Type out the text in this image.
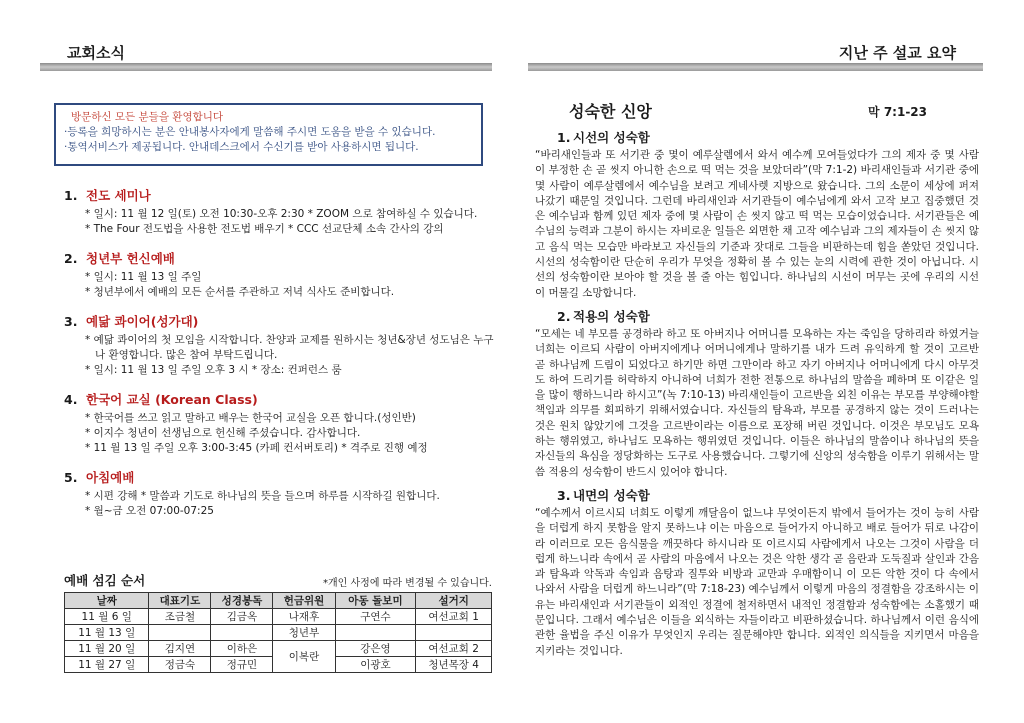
교회소식	지난 주 설교 요약
방문하신 모든 분들을 환영합니다
·등록을 희망하시는 분은 안내봉사자에게 말씀해 주시면 도움을 받을 수 있습니다.
·통역서비스가 제공됩니다. 안내데스크에서 수신기를 받아 사용하시면 됩니다.
1. 전도 세미나
* 일시: 11 월 12 일(토) 오전 10:30-오후 2:30 * ZOOM 으로 참여하실 수 있습니다.
* The Four 전도법을 사용한 전도법 배우기 * CCC 선교단체 소속 간사의 강의
2. 청년부 헌신예배
* 일시: 11 월 13 일 주일
* 청년부에서 예배의 모든 순서를 주관하고 저녁 식사도 준비합니다.
3. 예닮 콰이어(성가대)
* 예닮 콰이어의 첫 모임을 시작합니다. 찬양과 교제를 원하시는 청년&장년 성도님은 누구나 환영합니다. 많은 참여 부탁드립니다.
* 일시: 11 월 13 일 주일 오후 3 시 * 장소: 컨퍼런스 룸
4. 한국어 교실 (Korean Class)
* 한국어를 쓰고 읽고 말하고 배우는 한국어 교실을 오픈 합니다.(성인반)
* 이지수 청년이 선생님으로 헌신해 주셨습니다. 감사합니다.
* 11 월 13 일 주일 오후 3:00-3:45 (카페 컨서버토리) * 격주로 진행 예정
5. 아침예배
* 시편 강해 * 말씀과 기도로 하나님의 뜻을 들으며 하루를 시작하길 원합니다.
* 월~금 오전 07:00-07:25
예배 섬김 순서	*개인 사정에 따라 변경될 수 있습니다.
날짜	대표기도	성경봉독	헌금위원	아동 돌보미	설거지
11 월 6 일	조금철	김금옥	나재후	구연수	여선교회 1
11 월 13 일			청년부		
11 월 20 일	김지연	이하은	이복란	강은영	여선교회 2
11 월 27 일	정금숙	정규민		이광호	청년목장 4
성숙한 신앙	막 7:1-23
1. 시선의 성숙함
“바리새인들과 또 서기관 중 몇이 예루살렘에서 와서 예수께 모여들었다가 그의 제자 중 몇 사람이 부정한 손 곧 씻지 아니한 손으로 떡 먹는 것을 보았더라”(막 7:1-2) 바리새인들과 서기관 중에 몇 사람이 예루살렘에서 예수님을 보려고 게네사렛 지방으로 왔습니다. 그의 소문이 세상에 퍼져 나갔기 때문일 것입니다. 그런데 바리새인과 서기관들이 예수님에게 와서 고작 보고 집중했던 것은 예수님과 함께 있던 제자 중에 몇 사람이 손 씻지 않고 떡 먹는 모습이었습니다. 서기관들은 예수님의 능력과 그분이 하시는 자비로운 일들은 외면한 채 고작 예수님과 그의 제자들이 손 씻지 않고 음식 먹는 모습만 바라보고 자신들의 기준과 잣대로 그들을 비판하는데 힘을 쏟았던 것입니다. 시선의 성숙함이란 단순히 우리가 무엇을 정확히 볼 수 있는 눈의 시력에 관한 것이 아닙니다. 시선의 성숙함이란 보아야 할 것을 볼 줄 아는 힘입니다. 하나님의 시선이 머무는 곳에 우리의 시선이 머물길 소망합니다.
2. 적용의 성숙함
“모세는 네 부모를 공경하라 하고 또 아버지나 어머니를 모욕하는 자는 죽임을 당하리라 하였거늘 너희는 이르되 사람이 아버지에게나 어머니에게나 말하기를 내가 드려 유익하게 할 것이 고르반 곧 하나님께 드림이 되었다고 하기만 하면 그만이라 하고 자기 아버지나 어머니에게 다시 아무것도 하여 드리기를 허락하지 아니하여 너희가 전한 전통으로 하나님의 말씀을 폐하며 또 이같은 일을 많이 행하느니라 하시고”(녹 7:10-13) 바리새인들이 고르반을 외친 이유는 부모를 부양해야할 책임과 의무를 회피하기 위해서였습니다. 자신들의 탐욕과, 부모를 공경하지 않는 것이 드러나는 것은 원치 않았기에 그것을 고르반이라는 이름으로 포장해 버린 것입니다. 이것은 부모님도 모욕하는 행위였고, 하나님도 모욕하는 행위였던 것입니다. 이들은 하나님의 말씀이나 하나님의 뜻을 자신들의 욕심을 정당화하는 도구로 사용했습니다. 그렇기에 신앙의 성숙함을 이루기 위해서는 말씀 적용의 성숙함이 반드시 있어야 합니다.
3. 내면의 성숙함
“예수께서 이르시되 너희도 이렇게 깨달음이 없느냐 무엇이든지 밖에서 들어가는 것이 능히 사람을 더럽게 하지 못함을 알지 못하느냐 이는 마음으로 들어가지 아니하고 배로 들어가 뒤로 나감이라 이러므로 모든 음식물을 깨끗하다 하시니라 또 이르시되 사람에게서 나오는 그것이 사람을 더럽게 하느니라 속에서 곧 사람의 마음에서 나오는 것은 악한 생각 곧 음란과 도둑질과 살인과 간음과 탐욕과 악독과 속임과 음탕과 질투와 비방과 교만과 우매함이니 이 모든 악한 것이 다 속에서 나와서 사람을 더럽게 하느니라”(막 7:18-23) 예수님께서 이렇게 마음의 정결함을 강조하시는 이유는 바리새인과 서기관들이 외적인 정결에 철저하면서 내적인 정결함과 성숙함에는 소홀했기 때문입니다. 그래서 예수님은 이들을 외식하는 자들이라고 비판하셨습니다. 하나님께서 이런 음식에 관한 율법을 주신 이유가 무엇인지 우리는 질문해야만 합니다. 외적인 의식들을 지키면서 마음을 지키라는 것입니다.
